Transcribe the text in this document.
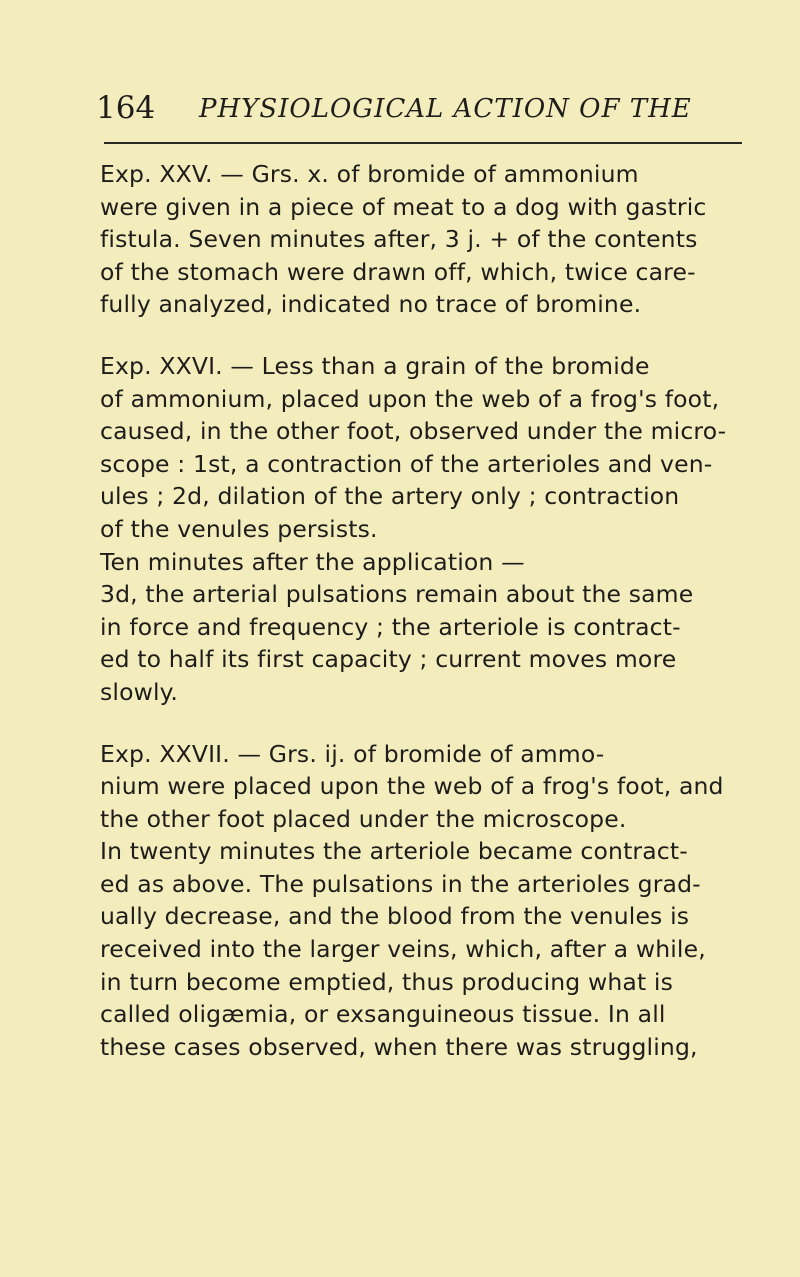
164 PHYSIOLOGICAL ACTION OF THE
Exp. XXV. — Grs. x. of bromide of ammonium
were given in a piece of meat to a dog with gastric
fistula. Seven minutes after, 3 j. + of the contents
of the stomach were drawn off, which, twice care-
fully analyzed, indicated no trace of bromine.
Exp. XXVI. — Less than a grain of the bromide
of ammonium, placed upon the web of a frog's foot,
caused, in the other foot, observed under the micro-
scope : 1st, a contraction of the arterioles and ven-
ules ; 2d, dilation of the artery only ; contraction
of the venules persists.
Ten minutes after the application —
3d, the arterial pulsations remain about the same
in force and frequency ; the arteriole is contract-
ed to half its first capacity ; current moves more
slowly.
Exp. XXVII. — Grs. ij. of bromide of ammo-
nium were placed upon the web of a frog's foot, and
the other foot placed under the microscope.
In twenty minutes the arteriole became contract-
ed as above. The pulsations in the arterioles grad-
ually decrease, and the blood from the venules is
received into the larger veins, which, after a while,
in turn become emptied, thus producing what is
called oligæmia, or exsanguineous tissue. In all
these cases observed, when there was struggling,
